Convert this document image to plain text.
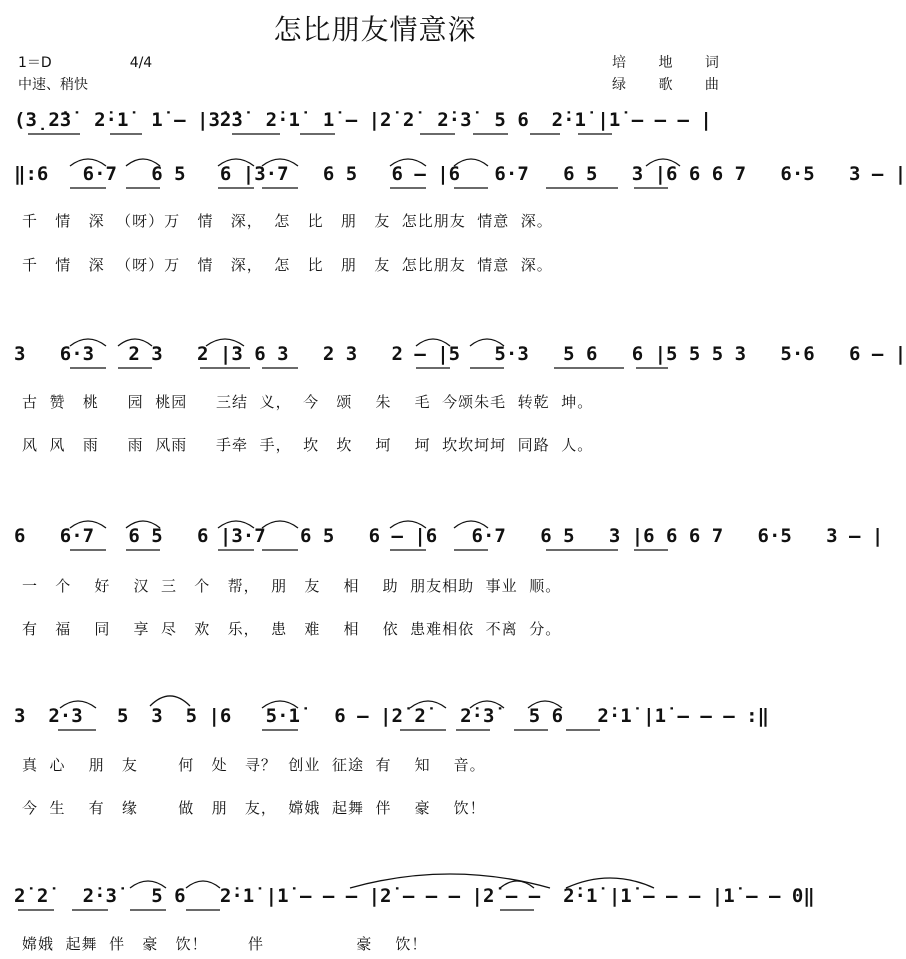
怎比朋友情意深
1＝D	4/4
中速、稍快
培 地 词
绿 歌 曲
(3̣2̇3̇  2̇·1̇  1̇ – |3̇2̇3̇  2̇·1̇  1̇ – |2̇ 2̇  2̇·3̇  5 6  2̇·1̇ |1̇ – – – |
‖:6   6·7   6 5   6 |3·7   6 5   6 – |6   6·7   6 5   3 |6 6 6 7   6·5   3 – |
千   情   深  （呀）万   情   深，  怎   比   朋   友  怎比朋友  情意  深。
千   情   深  （呀）万   情   深，  怎   比   朋   友  怎比朋友  情意  深。
3   6·3   2 3   2 |3 6 3   2 3   2 – |5   5·3   5 6   6 |5 5 5 3   5·6   6 – |
古  赞   桃     园  桃园     三结  义，  今   颂    朱    毛  今颂朱毛  转乾  坤。
风  风   雨     雨  风雨     手牵  手，  坎   坎    坷    坷  坎坎坷坷  同路  人。
6   6·7   6 5   6 |3·7   6 5   6 – |6   6·7   6 5   3 |6 6 6 7   6·5   3 – |
一   个    好    汉  三   个   帮，  朋   友    相    助  朋友相助  事业  顺。
有   福    同    享  尽   欢   乐，  患   难    相    依  患难相依  不离  分。
3  2·3   5  3  5 |6   5·1̇   6 – |2̇ 2̇   2̇·3̇   5 6   2̇·1̇ |1̇ – – – :‖
真  心    朋   友       何   处   寻？  创业  征途  有    知    音。
今  生    有   缘       做   朋   友，  嫦娥  起舞  伴    豪    饮！
2̇ 2̇   2̇·3̇   5 6   2̇·1̇ |1̇ – – – |2̇ – – – |2̇ – –  2̇·1̇ |1̇ – – – |1̇ – – 0‖
嫦娥  起舞  伴   豪   饮！       伴                豪    饮！
